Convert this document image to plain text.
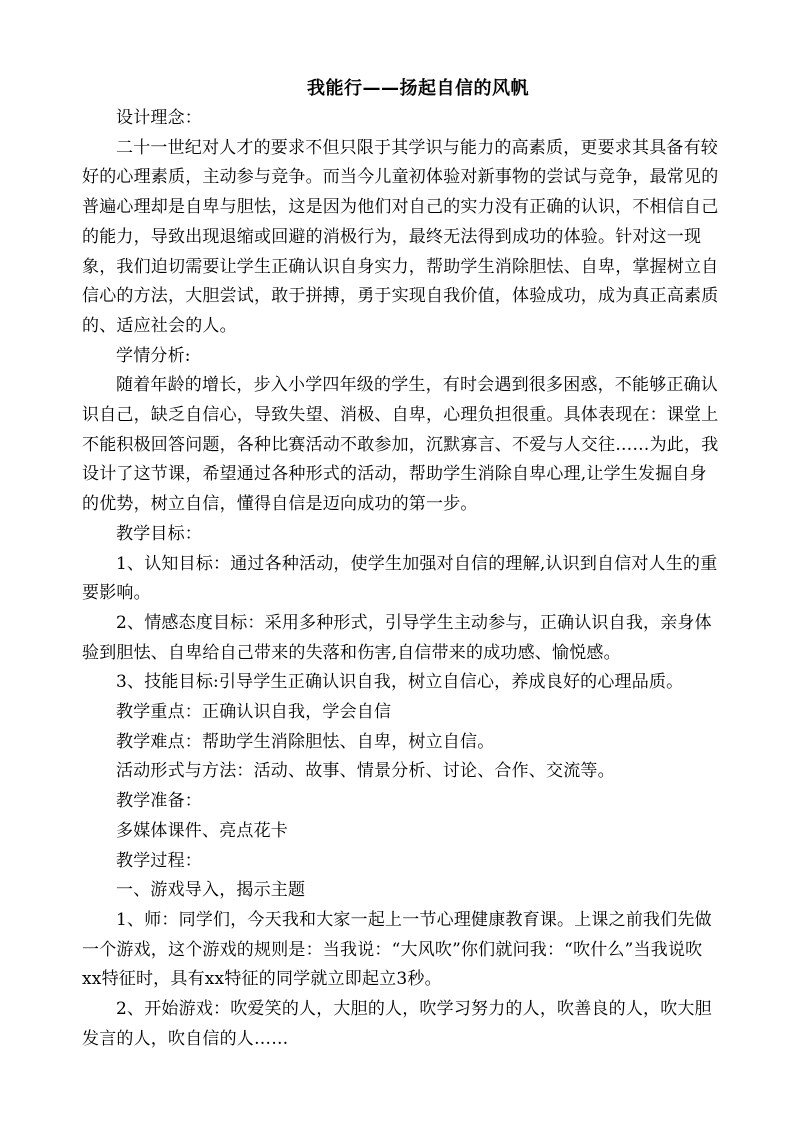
我能行——扬起自信的风帆

设计理念：

二十一世纪对人才的要求不但只限于其学识与能力的高素质，更要求其具备有较好的心理素质，主动参与竞争。而当今儿童初体验对新事物的尝试与竞争，最常见的普遍心理却是自卑与胆怯，这是因为他们对自己的实力没有正确的认识，不相信自己的能力，导致出现退缩或回避的消极行为，最终无法得到成功的体验。针对这一现象，我们迫切需要让学生正确认识自身实力，帮助学生消除胆怯、自卑，掌握树立自信心的方法，大胆尝试，敢于拼搏，勇于实现自我价值，体验成功，成为真正高素质的、适应社会的人。

学情分析:

随着年龄的增长，步入小学四年级的学生，有时会遇到很多困惑，不能够正确认识自己，缺乏自信心，导致失望、消极、自卑，心理负担很重。具体表现在：课堂上不能积极回答问题，各种比赛活动不敢参加，沉默寡言、不爱与人交往……为此，我设计了这节课，希望通过各种形式的活动，帮助学生消除自卑心理,让学生发掘自身的优势，树立自信，懂得自信是迈向成功的第一步。

教学目标：

1、认知目标：通过各种活动，使学生加强对自信的理解,认识到自信对人生的重要影响。

2、情感态度目标：采用多种形式，引导学生主动参与，正确认识自我，亲身体验到胆怯、自卑给自己带来的失落和伤害,自信带来的成功感、愉悦感。

3、技能目标:引导学生正确认识自我，树立自信心，养成良好的心理品质。

教学重点：正确认识自我，学会自信

教学难点：帮助学生消除胆怯、自卑，树立自信。

活动形式与方法：活动、故事、情景分析、讨论、合作、交流等。

教学准备：

多媒体课件、亮点花卡

教学过程：

一、游戏导入，揭示主题

1、师：同学们，今天我和大家一起上一节心理健康教育课。上课之前我们先做一个游戏，这个游戏的规则是：当我说：“大风吹”你们就问我：“吹什么”当我说吹xx特征时，具有xx特征的同学就立即起立3秒。

2、开始游戏：吹爱笑的人，大胆的人，吹学习努力的人，吹善良的人，吹大胆发言的人，吹自信的人……
